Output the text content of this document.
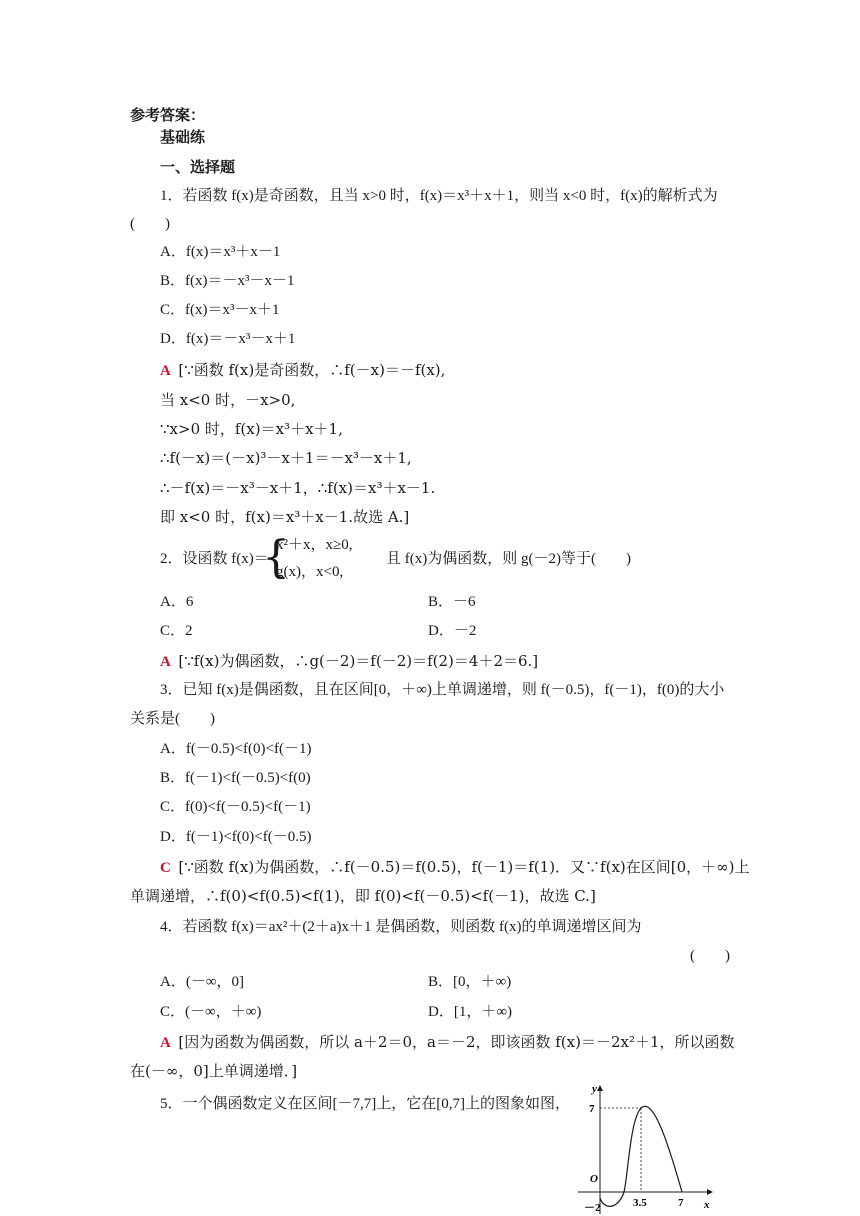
参考答案：
基础练
一、选择题
1．若函数 f(x)是奇函数，且当 x>0 时，f(x)＝x³＋x＋1，则当 x<0 时，f(x)的解析式为
(　　)
A．f(x)＝x³＋x－1
B．f(x)＝－x³－x－1
C．f(x)＝x³－x＋1
D．f(x)＝－x³－x＋1
A [∵函数 f(x)是奇函数，∴f(－x)＝－f(x),
当 x<0 时，－x>0,
∵x>0 时，f(x)＝x³＋x＋1,
∴f(－x)＝(－x)³－x＋1＝－x³－x＋1,
∴－f(x)＝－x³－x＋1，∴f(x)＝x³＋x－1.
即 x<0 时，f(x)＝x³＋x－1.故选 A.]
2．设函数 f(x)＝
{
x²＋x，x≥0,
g(x)，x<0,
且 f(x)为偶函数，则 g(－2)等于(　　)
A．6	B．－6
C．2	D．－2
A [∵f(x)为偶函数，∴g(－2)＝f(－2)＝f(2)＝4＋2＝6.]
3．已知 f(x)是偶函数，且在区间[0，＋∞)上单调递增，则 f(－0.5)，f(－1)，f(0)的大小
关系是(　　)
A．f(－0.5)<f(0)<f(－1)
B．f(－1)<f(－0.5)<f(0)
C．f(0)<f(－0.5)<f(－1)
D．f(－1)<f(0)<f(－0.5)
C [∵函数 f(x)为偶函数，∴f(－0.5)＝f(0.5)，f(－1)＝f(1)．又∵f(x)在区间[0，＋∞)上
单调递增，∴f(0)<f(0.5)<f(1)，即 f(0)<f(－0.5)<f(－1)，故选 C.]
4．若函数 f(x)＝ax²＋(2＋a)x＋1 是偶函数，则函数 f(x)的单调递增区间为
(　　)
A．(－∞，0]	B．[0，＋∞)
C．(－∞，＋∞)	D．[1，＋∞)
A [因为函数为偶函数，所以 a＋2＝0，a＝－2，即该函数 f(x)＝－2x²＋1，所以函数
在(－∞，0]上单调递增．]
5．一个偶函数定义在区间[－7,7]上，它在[0,7]上的图象如图，
y
x
O
7
－2	3.5	7
